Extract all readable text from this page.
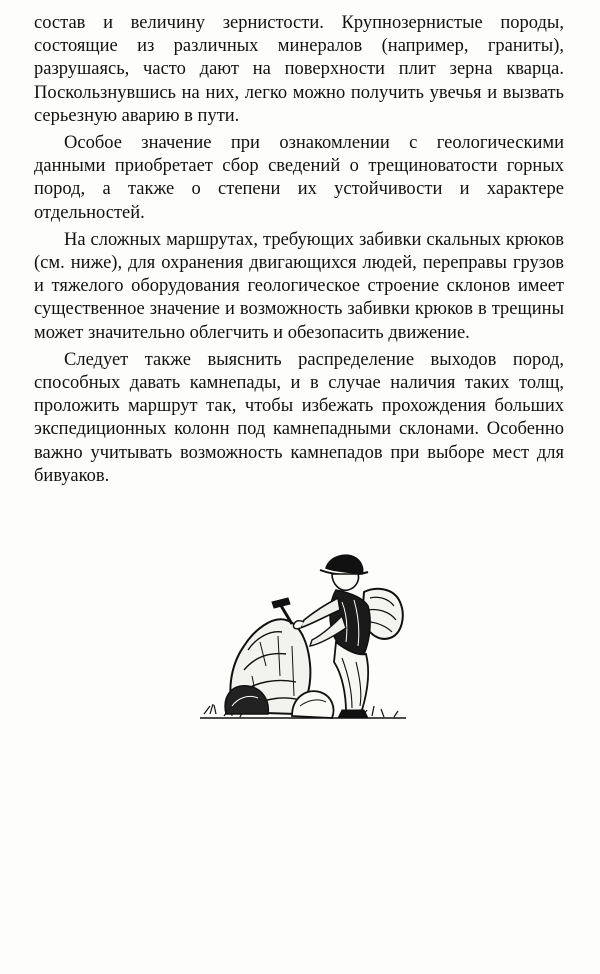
состав и величину зернистости. Крупнозернистые породы, состоящие из различных минералов (например, граниты), разрушаясь, часто дают на поверхности плит зерна кварца. Поскользнувшись на них, легко можно получить увечья и вызвать серьезную аварию в пути.

Особое значение при ознакомлении с геологическими данными приобретает сбор сведений о трещиноватости горных пород, а также о степени их устойчивости и характере отдельностей.

На сложных маршрутах, требующих забивки скальных крюков (см. ниже), для охранения двигающихся людей, переправы грузов и тяжелого оборудования геологическое строение склонов имеет существенное значение и возможность забивки крюков в трещины может значительно облегчить и обезопасить движение.

Следует также выяснить распределение выходов пород, способных давать камнепады, и в случае наличия таких толщ, проложить маршрут так, чтобы избежать прохождения больших экспедиционных колонн под камнепадными склонами. Особенно важно учитывать возможность камнепадов при выборе мест для бивуаков.
